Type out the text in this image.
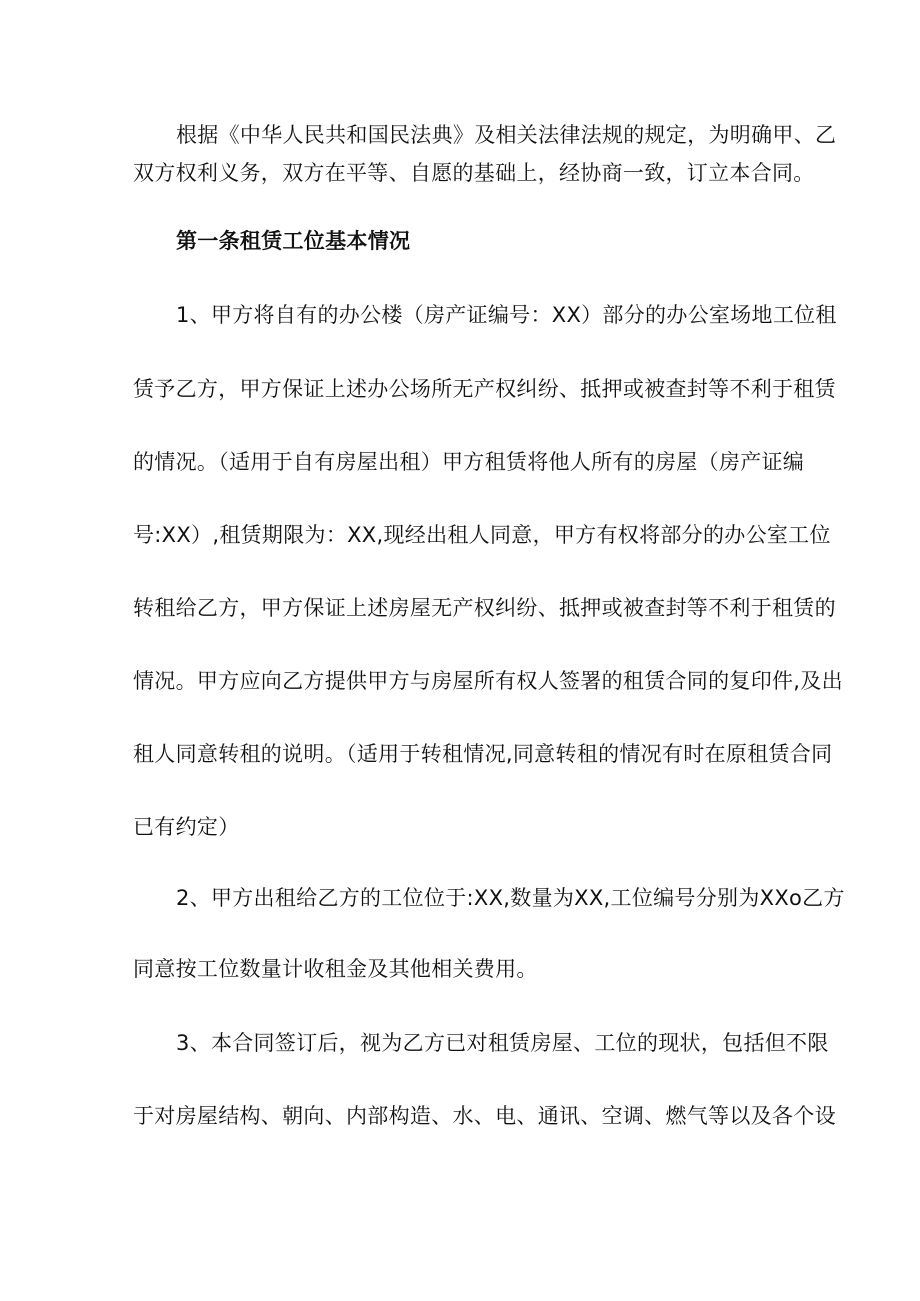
根据《中华人民共和国民法典》及相关法律法规的规定，为明确甲、乙
双方权利义务，双方在平等、自愿的基础上，经协商一致，订立本合同。
第一条租赁工位基本情况
1、甲方将自有的办公楼（房产证编号：XX）部分的办公室场地工位租
赁予乙方，甲方保证上述办公场所无产权纠纷、抵押或被查封等不利于租赁
的情况。（适用于自有房屋出租）甲方租赁将他人所有的房屋（房产证编
号:XX）,租赁期限为：XX,现经出租人同意，甲方有权将部分的办公室工位
转租给乙方，甲方保证上述房屋无产权纠纷、抵押或被查封等不利于租赁的
情况。甲方应向乙方提供甲方与房屋所有权人签署的租赁合同的复印件,及出
租人同意转租的说明。（适用于转租情况,同意转租的情况有时在原租赁合同
已有约定）
2、甲方出租给乙方的工位位于:XX,数量为XX,工位编号分别为XXo乙方
同意按工位数量计收租金及其他相关费用。
3、本合同签订后，视为乙方已对租赁房屋、工位的现状，包括但不限
于对房屋结构、朝向、内部构造、水、电、通讯、空调、燃气等以及各个设
